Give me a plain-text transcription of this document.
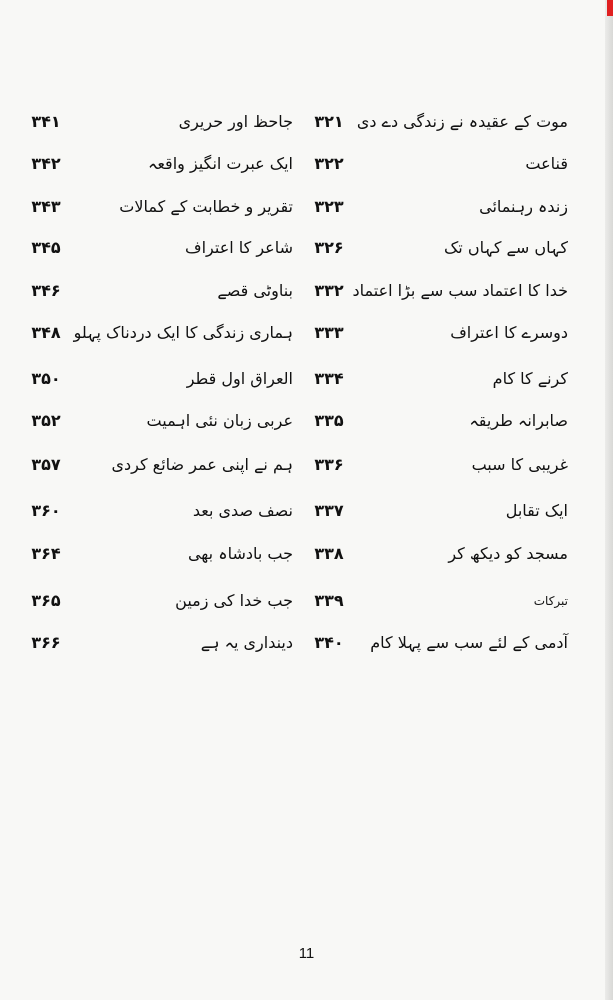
موت کے عقیدہ نے زندگی دے دی
۳۲۱
جاحظ اور حریری
۳۴۱
قناعت
۳۲۲
ایک عبرت انگیز واقعہ
۳۴۲
زندہ رہنمائی
۳۲۳
تقریر و خطابت کے کمالات
۳۴۳
کہاں سے کہاں تک
۳۲۶
شاعر کا اعتراف
۳۴۵
خدا کا اعتماد سب سے بڑا اعتماد
۳۳۲
بناوٹی قصے
۳۴۶
دوسرے کا اعتراف
۳۳۳
ہماری زندگی کا ایک دردناک پہلو
۳۴۸
کرنے کا کام
۳۳۴
العراق اول قطر
۳۵۰
صابرانہ طریقہ
۳۳۵
عربی زبان نئی اہمیت
۳۵۲
غریبی کا سبب
۳۳۶
ہم نے اپنی عمر ضائع کردی
۳۵۷
ایک تقابل
۳۳۷
نصف صدی بعد
۳۶۰
مسجد کو دیکھ کر
۳۳۸
جب بادشاہ بھی
۳۶۴
تبرکات
۳۳۹
جب خدا کی زمین
۳۶۵
آدمی کے لئے سب سے پہلا کام
۳۴۰
دینداری یہ ہے
۳۶۶
11
